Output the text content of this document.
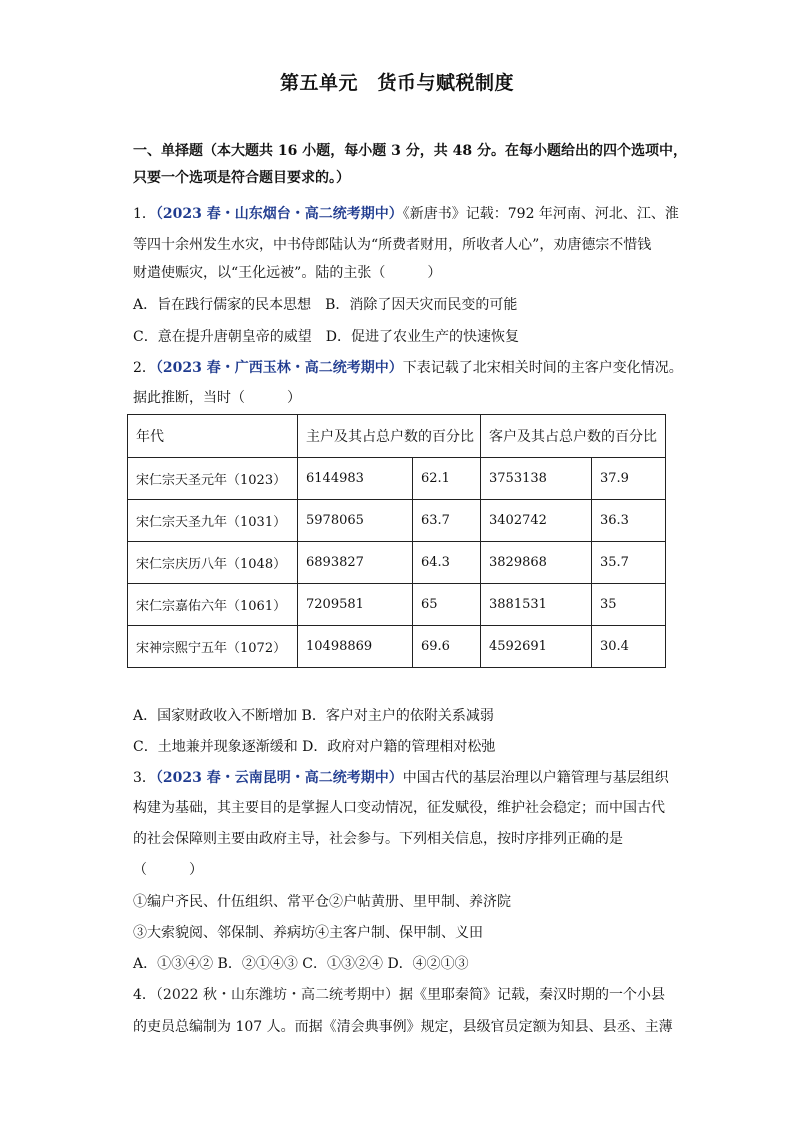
第五单元　货币与赋税制度
一、单择题（本大题共 16 小题，每小题 3 分，共 48 分。在每小题给出的四个选项中，
只要一个选项是符合题目要求的。）
1．（2023 春・山东烟台・高二统考期中）《新唐书》记载：792 年河南、河北、江、淮
等四十余州发生水灾，中书侍郎陆认为“所费者财用，所收者人心”，劝唐德宗不惜钱
财遣使赈灾，以“王化远被”。陆的主张（　　　）
A．旨在践行儒家的民本思想 B．消除了因天灾而民变的可能
C．意在提升唐朝皇帝的威望 D．促进了农业生产的快速恢复
2．（2023 春・广西玉林・高二统考期中）下表记载了北宋相关时间的主客户变化情况。
据此推断，当时（　　　）
年代	主户及其占总户数的百分比		客户及其占总户数的百分比	
宋仁宗天圣元年（1023）	6144983	62.1	3753138	37.9
宋仁宗天圣九年（1031）	5978065	63.7	3402742	36.3
宋仁宗庆历八年（1048）	6893827	64.3	3829868	35.7
宋仁宗嘉佑六年（1061）	7209581	65	3881531	35
宋神宗熙宁五年（1072）	10498869	69.6	4592691	30.4
A．国家财政收入不断增加 B．客户对主户的依附关系减弱
C．土地兼并现象逐渐缓和 D．政府对户籍的管理相对松弛
3．（2023 春・云南昆明・高二统考期中）中国古代的基层治理以户籍管理与基层组织
构建为基础，其主要目的是掌握人口变动情况，征发赋役，维护社会稳定；而中国古代
的社会保障则主要由政府主导，社会参与。下列相关信息，按时序排列正确的是
（　　　）
①编户齐民、什伍组织、常平仓②户帖黄册、里甲制、养济院
③大索貌阅、邻保制、养病坊④主客户制、保甲制、义田
A．①③④② B．②①④③ C．①③②④ D．④②①③
4．（2022 秋・山东潍坊・高二统考期中）据《里耶秦简》记载，秦汉时期的一个小县
的吏员总编制为 107 人。而据《清会典事例》规定，县级官员定额为知县、县丞、主薄
